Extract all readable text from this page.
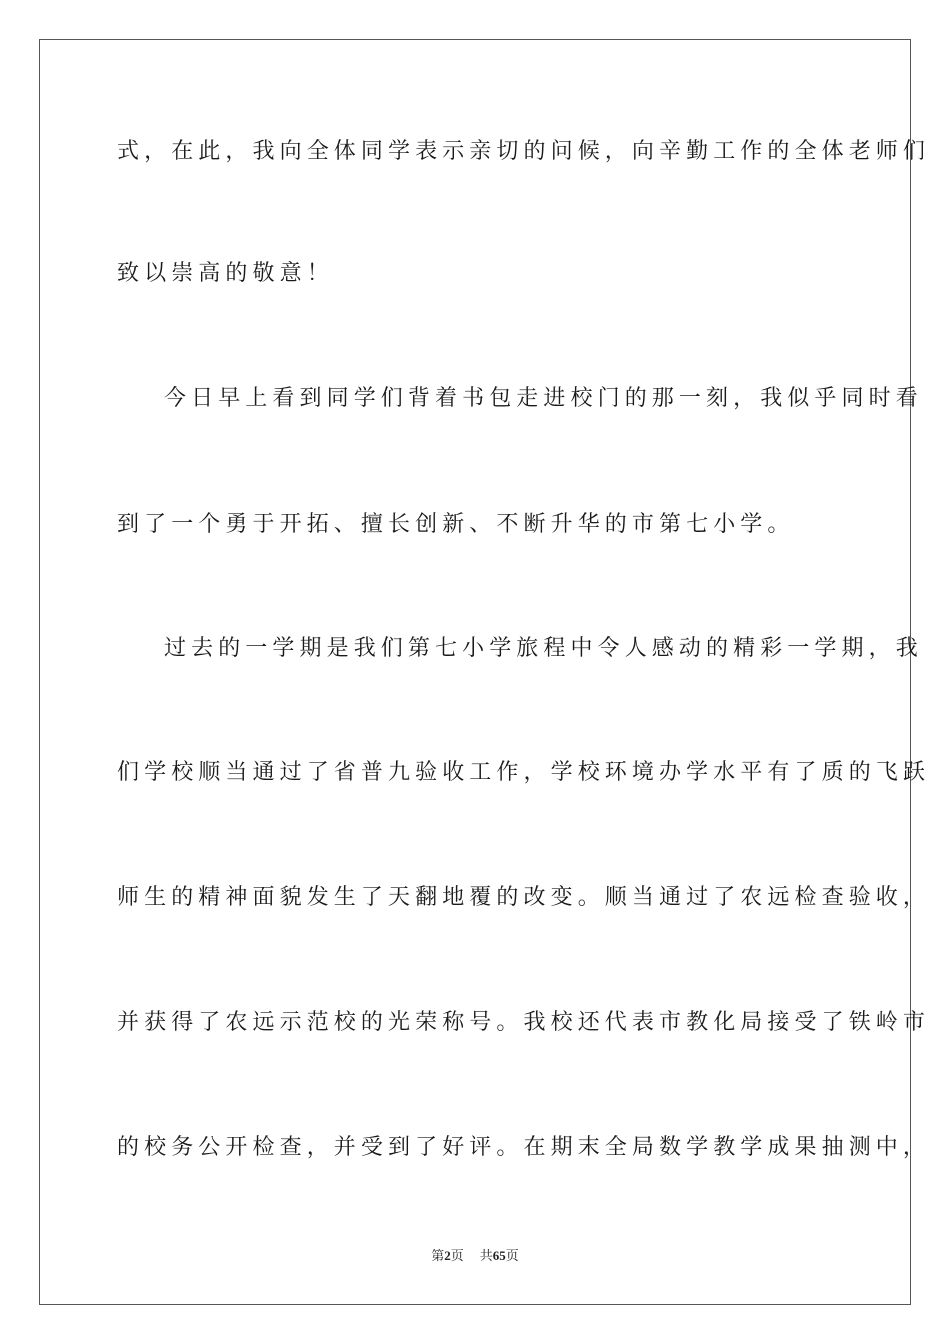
式，在此，我向全体同学表示亲切的问候，向辛勤工作的全体老师们

致以崇高的敬意！

今日早上看到同学们背着书包走进校门的那一刻，我似乎同时看

到了一个勇于开拓、擅长创新、不断升华的市第七小学。

过去的一学期是我们第七小学旅程中令人感动的精彩一学期，我

们学校顺当通过了省普九验收工作，学校环境办学水平有了质的飞跃

师生的精神面貌发生了天翻地覆的改变。顺当通过了农远检查验收，

并获得了农远示范校的光荣称号。我校还代表市教化局接受了铁岭市

的校务公开检查，并受到了好评。在期末全局数学教学成果抽测中，

第2页 共65页
